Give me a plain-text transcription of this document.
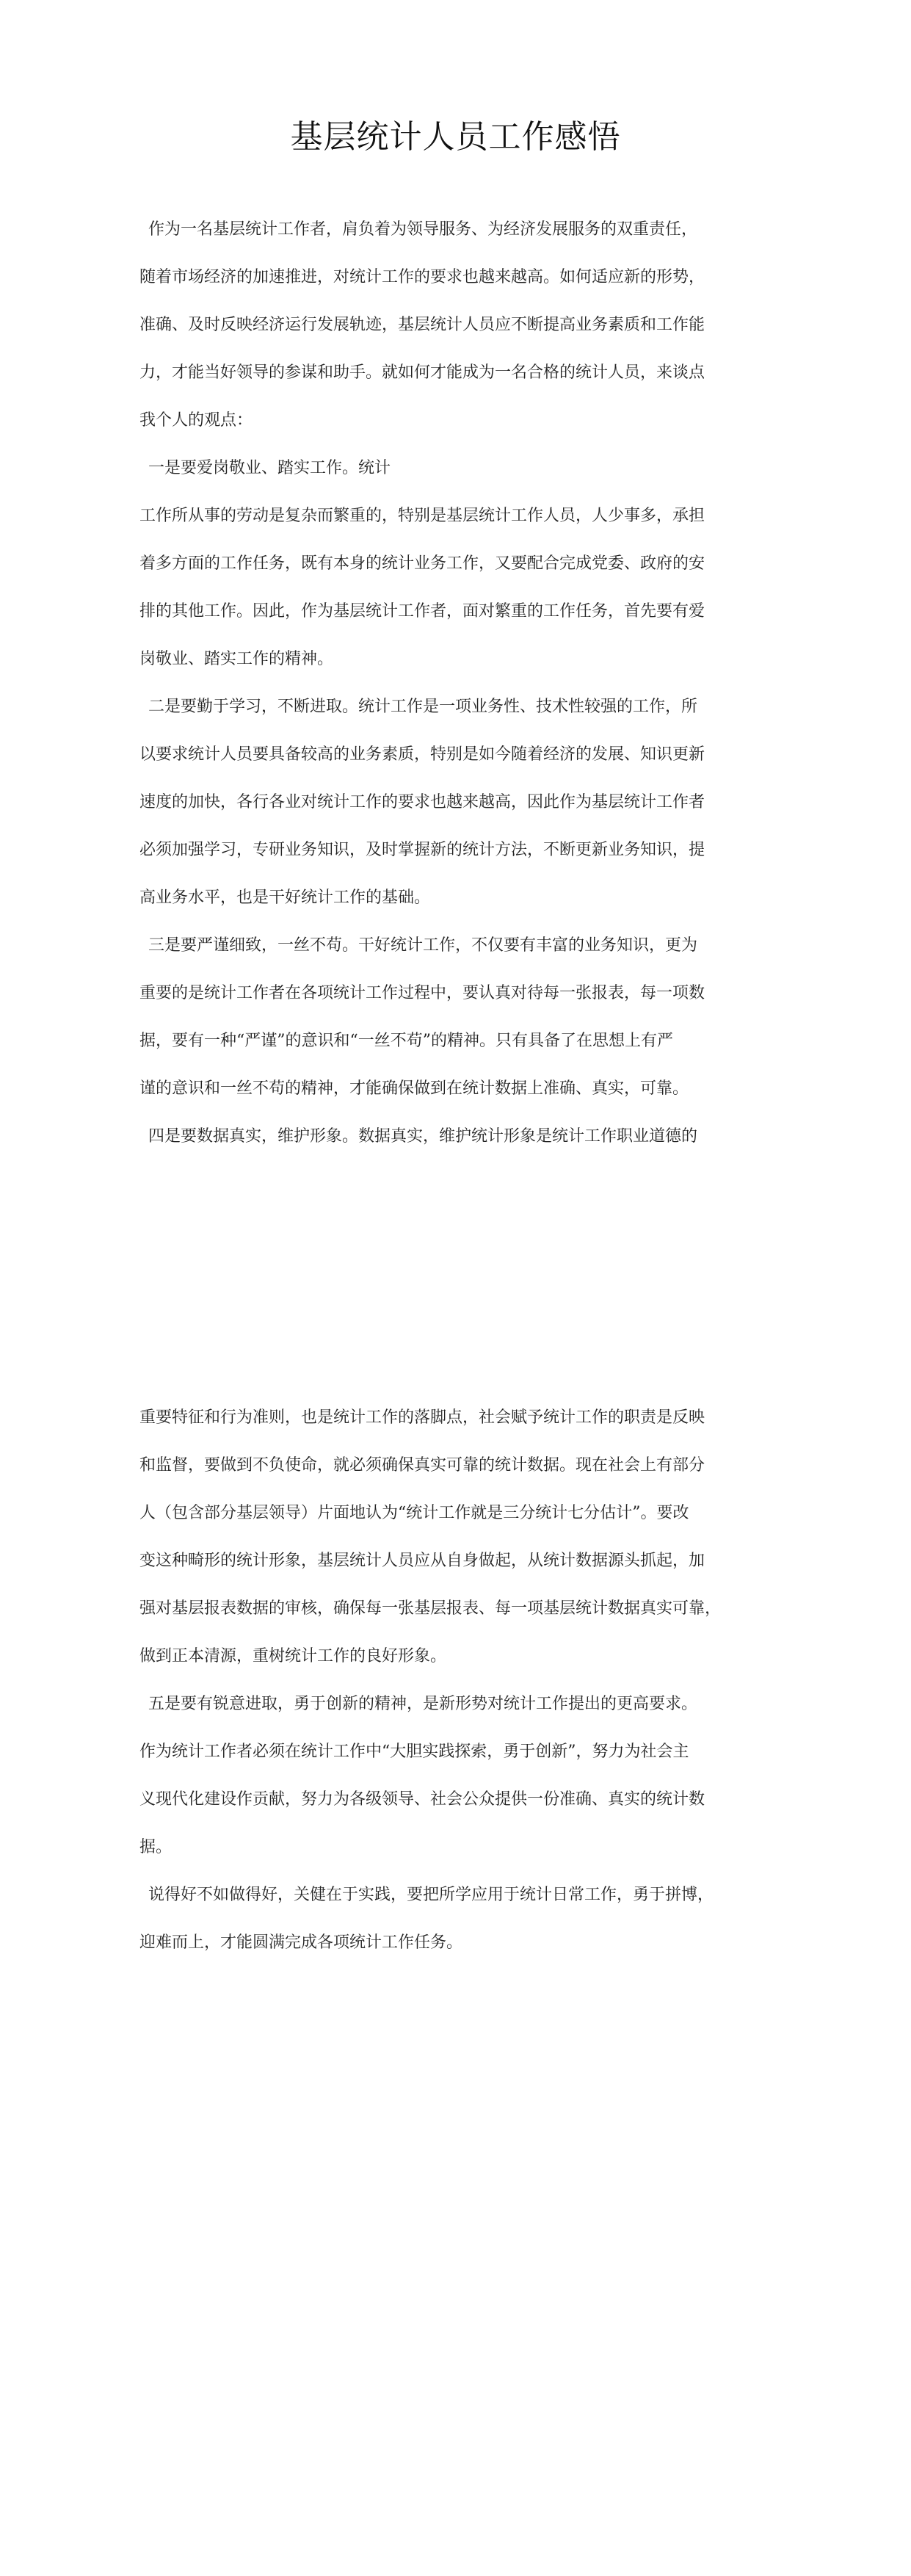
基层统计人员工作感悟
作为一名基层统计工作者，肩负着为领导服务、为经济发展服务的双重责任，
随着市场经济的加速推进，对统计工作的要求也越来越高。如何适应新的形势，
准确、及时反映经济运行发展轨迹，基层统计人员应不断提高业务素质和工作能
力，才能当好领导的参谋和助手。就如何才能成为一名合格的统计人员，来谈点
我个人的观点：
一是要爱岗敬业、踏实工作。统计
工作所从事的劳动是复杂而繁重的，特别是基层统计工作人员，人少事多，承担
着多方面的工作任务，既有本身的统计业务工作，又要配合完成党委、政府的安
排的其他工作。因此，作为基层统计工作者，面对繁重的工作任务，首先要有爱
岗敬业、踏实工作的精神。
二是要勤于学习，不断进取。统计工作是一项业务性、技术性较强的工作，所
以要求统计人员要具备较高的业务素质，特别是如今随着经济的发展、知识更新
速度的加快，各行各业对统计工作的要求也越来越高，因此作为基层统计工作者
必须加强学习，专研业务知识，及时掌握新的统计方法，不断更新业务知识，提
高业务水平，也是干好统计工作的基础。
三是要严谨细致，一丝不苟。干好统计工作，不仅要有丰富的业务知识，更为
重要的是统计工作者在各项统计工作过程中，要认真对待每一张报表，每一项数
据，要有一种“严谨”的意识和“一丝不苟”的精神。只有具备了在思想上有严
谨的意识和一丝不苟的精神，才能确保做到在统计数据上准确、真实，可靠。
四是要数据真实，维护形象。数据真实，维护统计形象是统计工作职业道德的
重要特征和行为准则，也是统计工作的落脚点，社会赋予统计工作的职责是反映
和监督，要做到不负使命，就必须确保真实可靠的统计数据。现在社会上有部分
人（包含部分基层领导）片面地认为“统计工作就是三分统计七分估计”。要改
变这种畸形的统计形象，基层统计人员应从自身做起，从统计数据源头抓起，加
强对基层报表数据的审核，确保每一张基层报表、每一项基层统计数据真实可靠，
做到正本清源，重树统计工作的良好形象。
五是要有锐意进取，勇于创新的精神，是新形势对统计工作提出的更高要求。
作为统计工作者必须在统计工作中“大胆实践探索，勇于创新”，努力为社会主
义现代化建设作贡献，努力为各级领导、社会公众提供一份准确、真实的统计数
据。
说得好不如做得好，关健在于实践，要把所学应用于统计日常工作，勇于拼博，
迎难而上，才能圆满完成各项统计工作任务。
